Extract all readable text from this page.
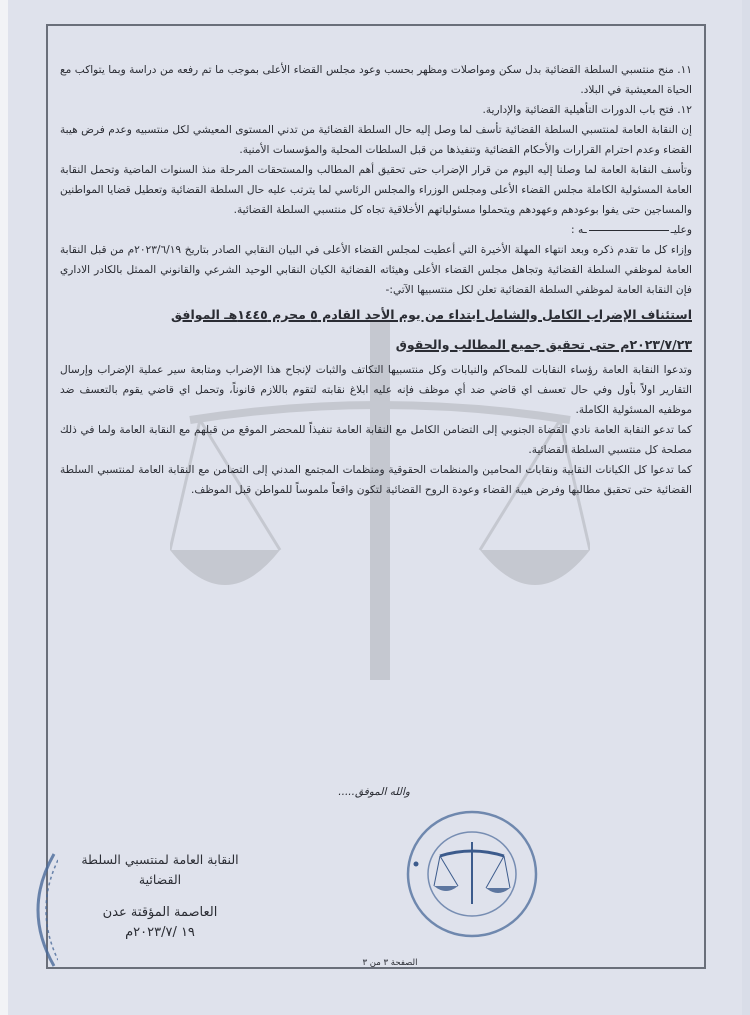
١١. منح منتسبي السلطة القضائية بدل سكن ومواصلات ومظهر بحسب وعود مجلس القضاء الأعلى بموجب ما تم رفعه من دراسة وبما يتواكب مع الحياة المعيشية في البلاد.

١٢. فتح باب الدورات التأهيلية القضائية والإدارية.

إن النقابة العامة لمنتسبي السلطة القضائية تأسف لما وصل إليه حال السلطة القضائية من تدني المستوى المعيشي لكل منتسبيه وعدم فرض هيبة القضاء وعدم احترام القرارات والأحكام القضائية وتنفيذها من قبل السلطات المحلية والمؤسسات الأمنية.

وتأسف النقابة العامة لما وصلنا إليه اليوم من قرار الإضراب حتى تحقيق أهم المطالب والمستحقات المرحلة منذ السنوات الماضية وتحمل النقابة العامة المسئولية الكاملة مجلس القضاء الأعلى ومجلس الوزراء والمجلس الرئاسي لما يترتب عليه حال السلطة القضائية وتعطيل قضايا المواطنين والمساجين حتى يفوا بوعودهم وعهودهم ويتحملوا مسئولياتهم الأخلاقية تجاه كل منتسبي السلطة القضائية.

وعليــه :

وإزاء كل ما تقدم ذكره وبعد انتهاء المهلة الأخيرة التي أعطيت لمجلس القضاء الأعلى في البيان النقابي الصادر بتاريخ ٢٠٢٣/٦/١٩م من قبل النقابة العامة لموظفي السلطة القضائية وتجاهل مجلس القضاء الأعلى وهيئاته القضائية الكيان النقابي الوحيد الشرعي والقانوني الممثل بالكادر الاداري فإن النقابة العامة لموظفي السلطة القضائية تعلن لكل منتسبيها الآتي:-

استئناف الإضراب الكامل والشامل ابتداء من يوم الأحد القادم ٥ محرم ١٤٤٥هـ الموافق

٢٠٢٣/٧/٢٣م حتى تحقيق جميع المطالب والحقوق

وتدعوا النقابة العامة رؤساء النقابات للمحاكم والنيابات وكل منتسبيها التكاتف والثبات لإنجاح هذا الإضراب ومتابعة سير عملية الإضراب وإرسال التقارير اولاً بأول وفي حال تعسف اي قاضي ضد أي موظف فإنه عليه ابلاغ نقابته لتقوم باللازم قانوناً، وتحمل اي قاضي يقوم بالتعسف ضد موظفيه المسئولية الكاملة.

كما تدعو النقابة العامة نادي القضاة الجنوبي إلى التضامن الكامل مع النقابة العامة تنفيذاً للمحضر الموقع من قبلهم مع النقابة العامة ولما في ذلك مصلحة كل منتسبي السلطة القضائية.

كما تدعوا كل الكيانات النقابية ونقابات المحامين والمنظمات الحقوقية ومنظمات المجتمع المدني إلى التضامن مع النقابة العامة لمنتسبي السلطة القضائية حتى تحقيق مطالبها وفرض هيبة القضاء وعودة الروح القضائية لتكون واقعاً ملموساً للمواطن قبل الموظف.

والله الموفق.....
النقابة العامة لمنتسبي السلطة القضائية
العاصمة المؤقتة عدن
١٩ /٢٠٢٣/٧م
الصفحة ٣ من ٣
